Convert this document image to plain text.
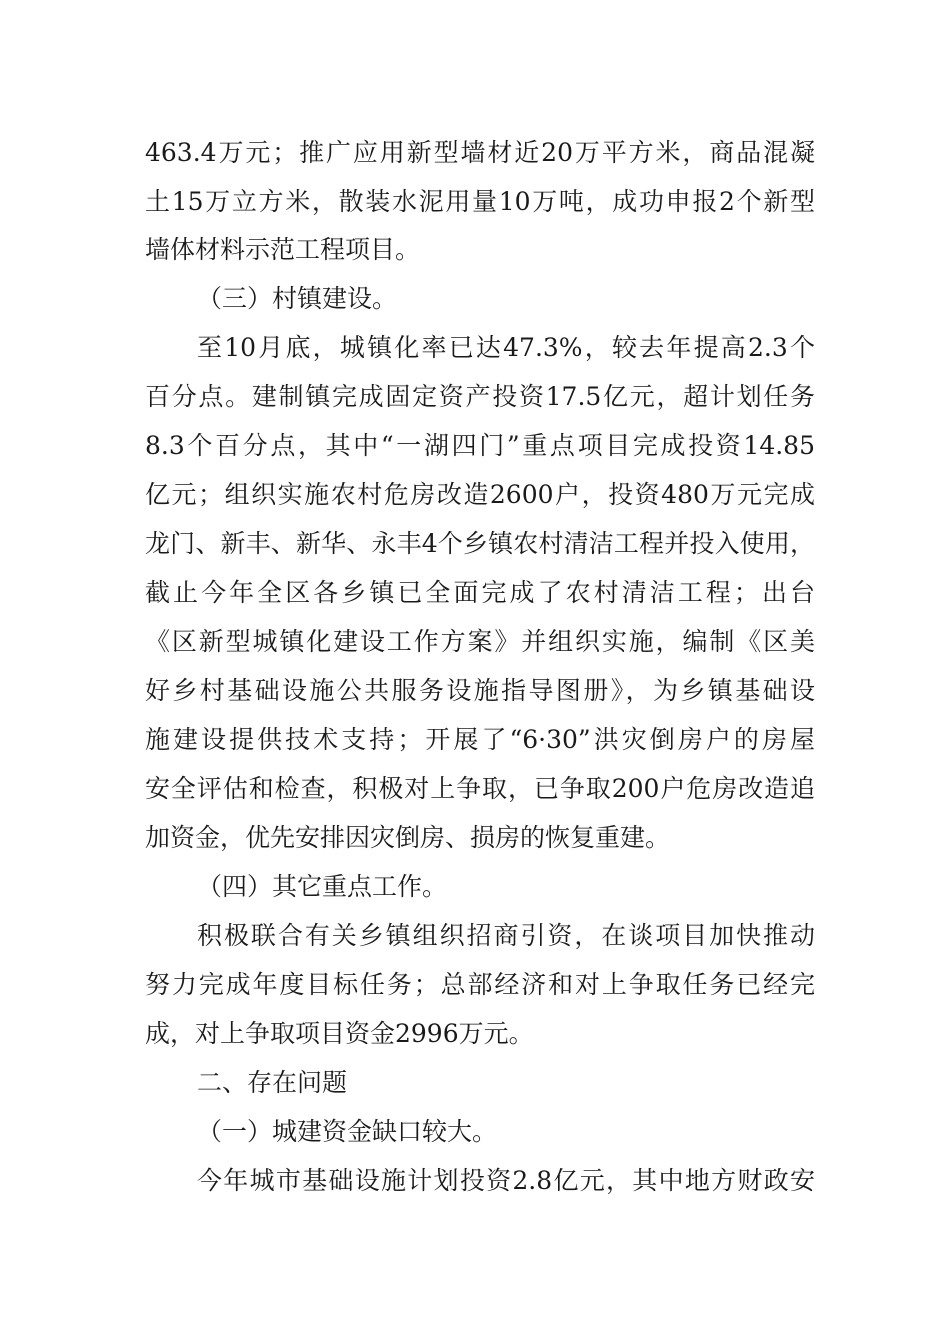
463.4万元；推广应用新型墙材近20万平方米，商品混凝
土15万立方米，散装水泥用量10万吨，成功申报2个新型
墙体材料示范工程项目。
（三）村镇建设。
至10月底，城镇化率已达47.3%，较去年提高2.3个
百分点。建制镇完成固定资产投资17.5亿元，超计划任务
8.3个百分点，其中“一湖四门”重点项目完成投资14.85
亿元；组织实施农村危房改造2600户，投资480万元完成
龙门、新丰、新华、永丰4个乡镇农村清洁工程并投入使用，
截止今年全区各乡镇已全面完成了农村清洁工程；出台
《区新型城镇化建设工作方案》并组织实施，编制《区美
好乡村基础设施公共服务设施指导图册》，为乡镇基础设
施建设提供技术支持；开展了“6·30”洪灾倒房户的房屋
安全评估和检查，积极对上争取，已争取200户危房改造追
加资金，优先安排因灾倒房、损房的恢复重建。
（四）其它重点工作。
积极联合有关乡镇组织招商引资，在谈项目加快推动
努力完成年度目标任务；总部经济和对上争取任务已经完
成，对上争取项目资金2996万元。
二、存在问题
（一）城建资金缺口较大。
今年城市基础设施计划投资2.8亿元，其中地方财政安
